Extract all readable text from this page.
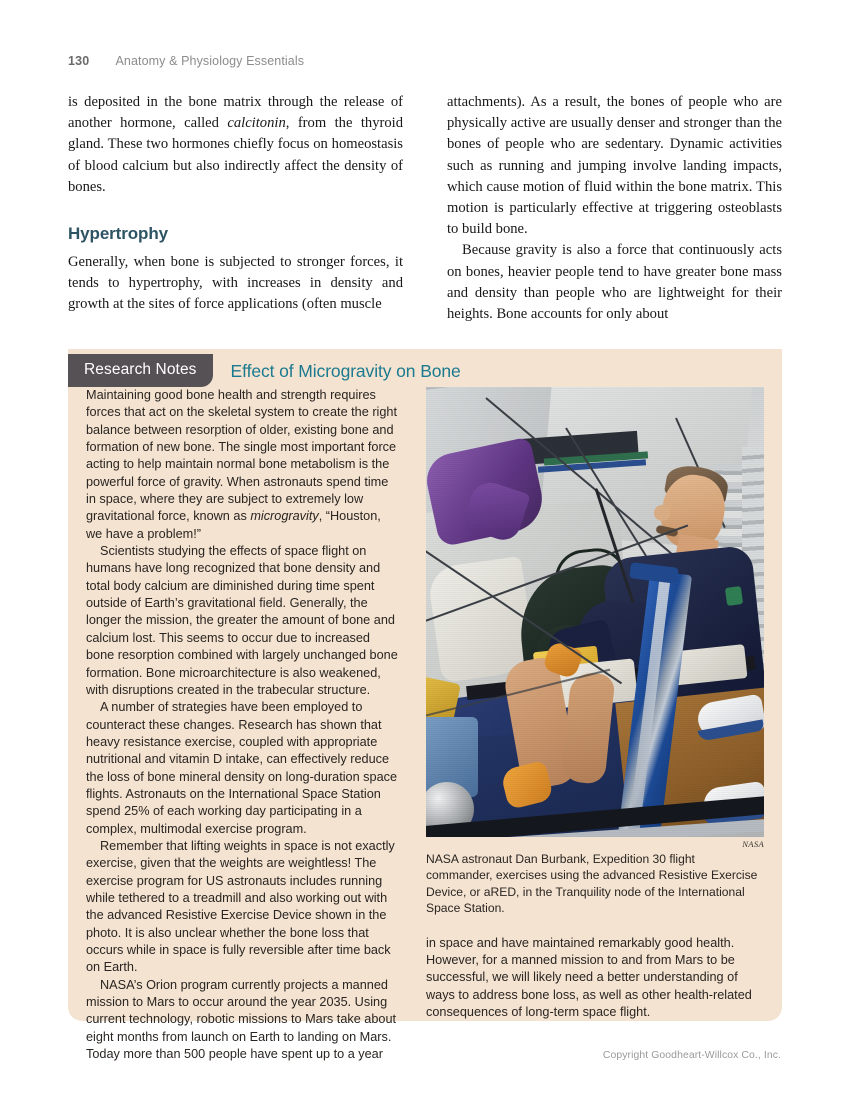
130 Anatomy & Physiology Essentials

is deposited in the bone matrix through the release of another hormone, called calcitonin, from the thyroid gland. These two hormones chiefly focus on homeostasis of blood calcium but also indirectly affect the density of bones.

Hypertrophy

Generally, when bone is subjected to stronger forces, it tends to hypertrophy, with increases in density and growth at the sites of force applications (often muscle

attachments). As a result, the bones of people who are physically active are usually denser and stronger than the bones of people who are sedentary. Dynamic activities such as running and jumping involve landing impacts, which cause motion of fluid within the bone matrix. This motion is particularly effective at triggering osteoblasts to build bone.

Because gravity is also a force that continuously acts on bones, heavier people tend to have greater bone mass and density than people who are lightweight for their heights. Bone accounts for only about

Research Notes	Effect of Microgravity on Bone

Maintaining good bone health and strength requires forces that act on the skeletal system to create the right balance between resorption of older, existing bone and formation of new bone. The single most important force acting to help maintain normal bone metabolism is the powerful force of gravity. When astronauts spend time in space, where they are subject to extremely low gravitational force, known as microgravity, “Houston, we have a problem!”

Scientists studying the effects of space flight on humans have long recognized that bone density and total body calcium are diminished during time spent outside of Earth’s gravitational field. Generally, the longer the mission, the greater the amount of bone and calcium lost. This seems to occur due to increased bone resorption combined with largely unchanged bone formation. Bone microarchitecture is also weakened, with disruptions created in the trabecular structure.

A number of strategies have been employed to counteract these changes. Research has shown that heavy resistance exercise, coupled with appropriate nutritional and vitamin D intake, can effectively reduce the loss of bone mineral density on long-duration space flights. Astronauts on the International Space Station spend 25% of each working day participating in a complex, multimodal exercise program.

Remember that lifting weights in space is not exactly exercise, given that the weights are weightless! The exercise program for US astronauts includes running while tethered to a treadmill and also working out with the advanced Resistive Exercise Device shown in the photo. It is also unclear whether the bone loss that occurs while in space is fully reversible after time back on Earth.

NASA’s Orion program currently projects a manned mission to Mars to occur around the year 2035. Using current technology, robotic missions to Mars take about eight months from launch on Earth to landing on Mars. Today more than 500 people have spent up to a year

NASA
NASA astronaut Dan Burbank, Expedition 30 flight commander, exercises using the advanced Resistive Exercise Device, or aRED, in the Tranquility node of the International Space Station.

in space and have maintained remarkably good health. However, for a manned mission to and from Mars to be successful, we will likely need a better understanding of ways to address bone loss, as well as other health-related consequences of long-term space flight.

Copyright Goodheart-Willcox Co., Inc.
